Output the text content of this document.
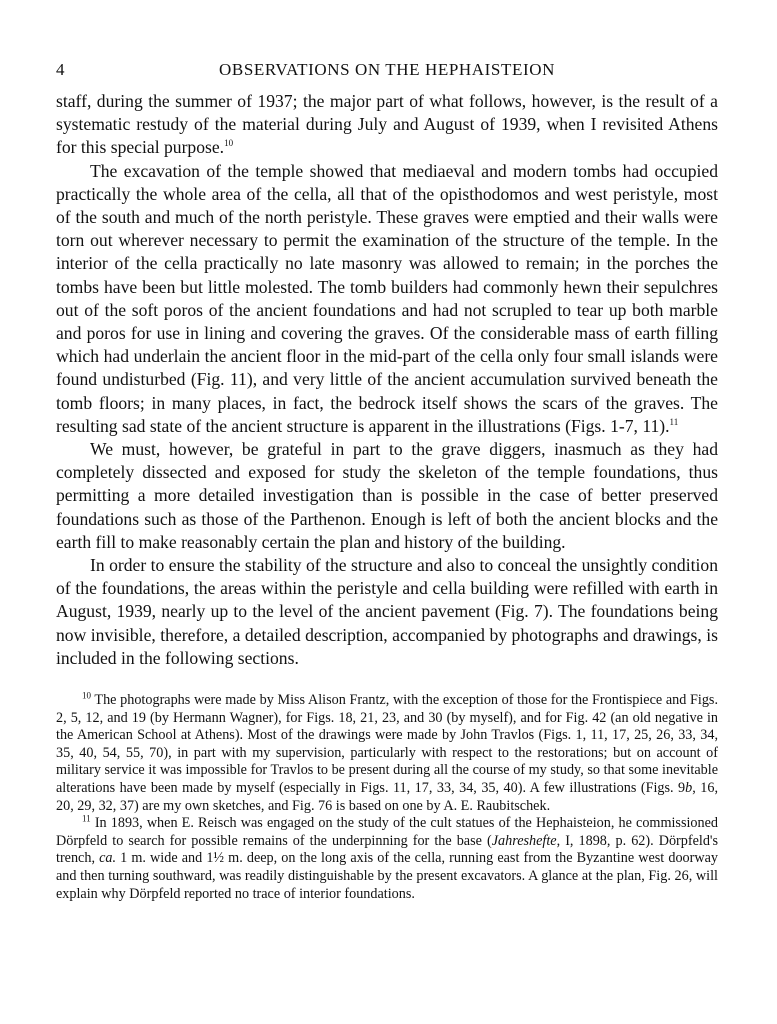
4	OBSERVATIONS ON THE HEPHAISTEION

staff, during the summer of 1937; the major part of what follows, however, is the result of a systematic restudy of the material during July and August of 1939, when I revisited Athens for this special purpose.$^{10}$

The excavation of the temple showed that mediaeval and modern tombs had occupied practically the whole area of the cella, all that of the opisthodomos and west peristyle, most of the south and much of the north peristyle. These graves were emptied and their walls were torn out wherever necessary to permit the examination of the structure of the temple. In the interior of the cella practically no late masonry was allowed to remain; in the porches the tombs have been but little molested. The tomb builders had commonly hewn their sepulchres out of the soft poros of the ancient foundations and had not scrupled to tear up both marble and poros for use in lining and covering the graves. Of the considerable mass of earth filling which had underlain the ancient floor in the mid-part of the cella only four small islands were found undisturbed (Fig. 11), and very little of the ancient accumulation survived beneath the tomb floors; in many places, in fact, the bedrock itself shows the scars of the graves. The resulting sad state of the ancient structure is apparent in the illustrations (Figs. 1-7, 11).$^{11}$

We must, however, be grateful in part to the grave diggers, inasmuch as they had completely dissected and exposed for study the skeleton of the temple foundations, thus permitting a more detailed investigation than is possible in the case of better preserved foundations such as those of the Parthenon. Enough is left of both the ancient blocks and the earth fill to make reasonably certain the plan and history of the building.

In order to ensure the stability of the structure and also to conceal the unsightly condition of the foundations, the areas within the peristyle and cella building were refilled with earth in August, 1939, nearly up to the level of the ancient pavement (Fig. 7). The foundations being now invisible, therefore, a detailed description, accompanied by photographs and drawings, is included in the following sections.

$^{10}$ The photographs were made by Miss Alison Frantz, with the exception of those for the Frontispiece and Figs. 2, 5, 12, and 19 (by Hermann Wagner), for Figs. 18, 21, 23, and 30 (by myself), and for Fig. 42 (an old negative in the American School at Athens). Most of the drawings were made by John Travlos (Figs. 1, 11, 17, 25, 26, 33, 34, 35, 40, 54, 55, 70), in part with my supervision, particularly with respect to the restorations; but on account of military service it was impossible for Travlos to be present during all the course of my study, so that some inevitable alterations have been made by myself (especially in Figs. 11, 17, 33, 34, 35, 40). A few illustrations (Figs. 9b, 16, 20, 29, 32, 37) are my own sketches, and Fig. 76 is based on one by A. E. Raubitschek.

$^{11}$ In 1893, when E. Reisch was engaged on the study of the cult statues of the Hephaisteion, he commissioned Dörpfeld to search for possible remains of the underpinning for the base (Jahreshefte, I, 1898, p. 62). Dörpfeld's trench, ca. 1 m. wide and 1½ m. deep, on the long axis of the cella, running east from the Byzantine west doorway and then turning southward, was readily distinguishable by the present excavators. A glance at the plan, Fig. 26, will explain why Dörpfeld reported no trace of interior foundations.
